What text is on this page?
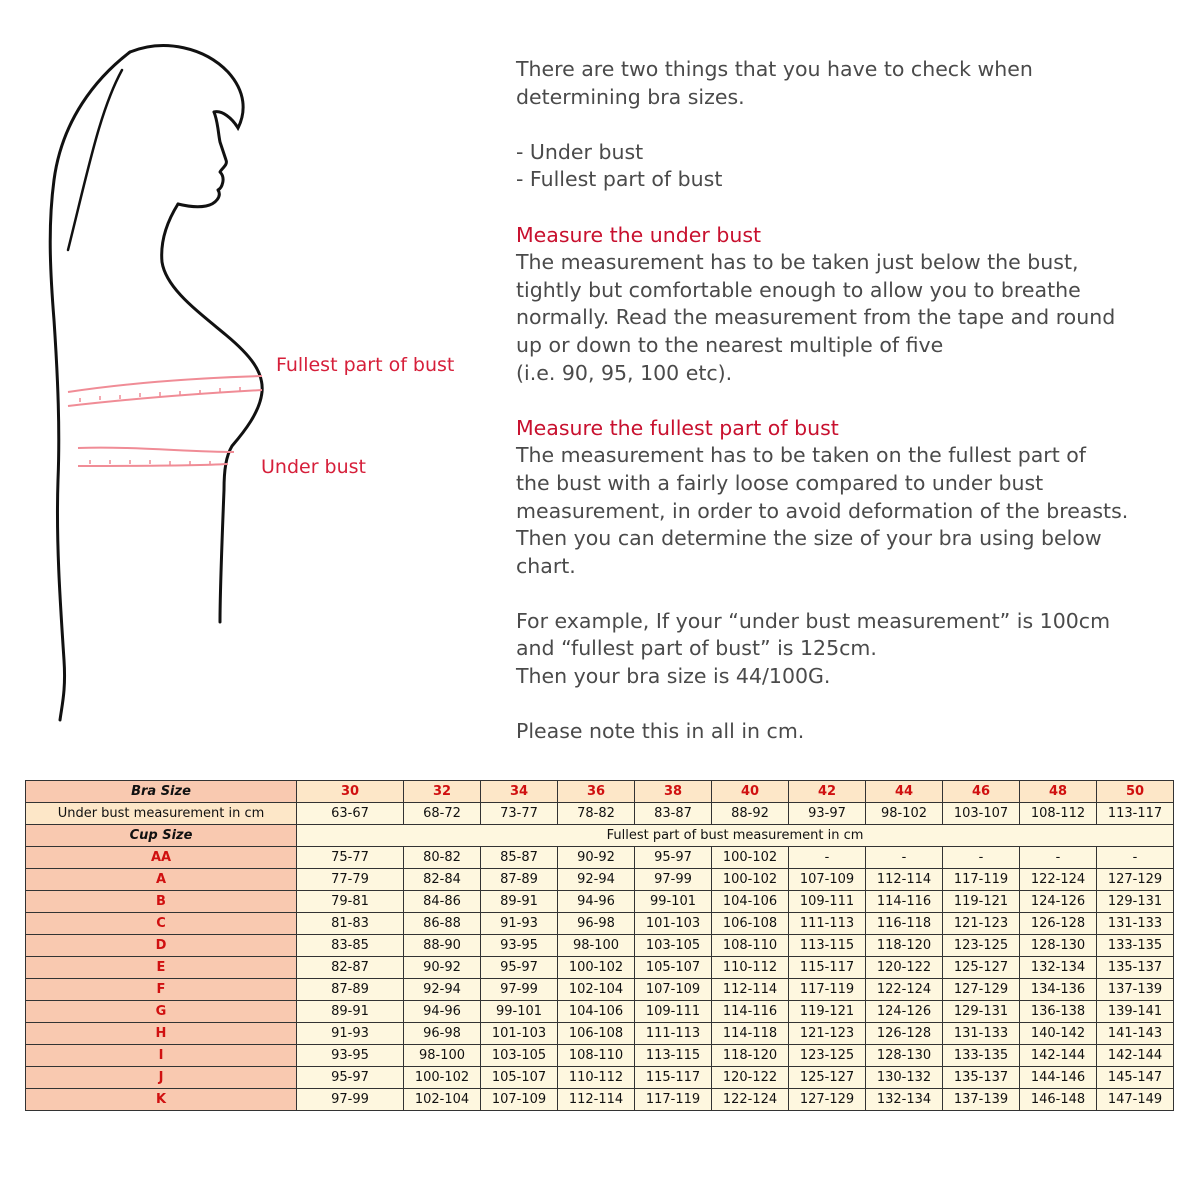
Fullest part of bust
Under bust

There are two things that you have to check when
determining bra sizes.

- Under bust
- Fullest part of bust

Measure the under bust
The measurement has to be taken just below the bust,
tightly but comfortable enough to allow you to breathe
normally. Read the measurement from the tape and round
up or down to the nearest multiple of five
(i.e. 90, 95, 100 etc).

Measure the fullest part of bust
The measurement has to be taken on the fullest part of
the bust with a fairly loose compared to under bust
measurement, in order to avoid deformation of the breasts.
Then you can determine the size of your bra using below
chart.

For example, If your “under bust measurement” is 100cm
and “fullest part of bust” is 125cm.
Then your bra size is 44/100G.

Please note this in all in cm.

Bra Size	30	32	34	36	38	40	42	44	46	48	50
Under bust measurement in cm	63-67	68-72	73-77	78-82	83-87	88-92	93-97	98-102	103-107	108-112	113-117
Cup Size	Fullest part of bust measurement in cm										
AA	75-77	80-82	85-87	90-92	95-97	100-102	-	-	-	-	-
A	77-79	82-84	87-89	92-94	97-99	100-102	107-109	112-114	117-119	122-124	127-129
B	79-81	84-86	89-91	94-96	99-101	104-106	109-111	114-116	119-121	124-126	129-131
C	81-83	86-88	91-93	96-98	101-103	106-108	111-113	116-118	121-123	126-128	131-133
D	83-85	88-90	93-95	98-100	103-105	108-110	113-115	118-120	123-125	128-130	133-135
E	82-87	90-92	95-97	100-102	105-107	110-112	115-117	120-122	125-127	132-134	135-137
F	87-89	92-94	97-99	102-104	107-109	112-114	117-119	122-124	127-129	134-136	137-139
G	89-91	94-96	99-101	104-106	109-111	114-116	119-121	124-126	129-131	136-138	139-141
H	91-93	96-98	101-103	106-108	111-113	114-118	121-123	126-128	131-133	140-142	141-143
I	93-95	98-100	103-105	108-110	113-115	118-120	123-125	128-130	133-135	142-144	142-144
J	95-97	100-102	105-107	110-112	115-117	120-122	125-127	130-132	135-137	144-146	145-147
K	97-99	102-104	107-109	112-114	117-119	122-124	127-129	132-134	137-139	146-148	147-149
